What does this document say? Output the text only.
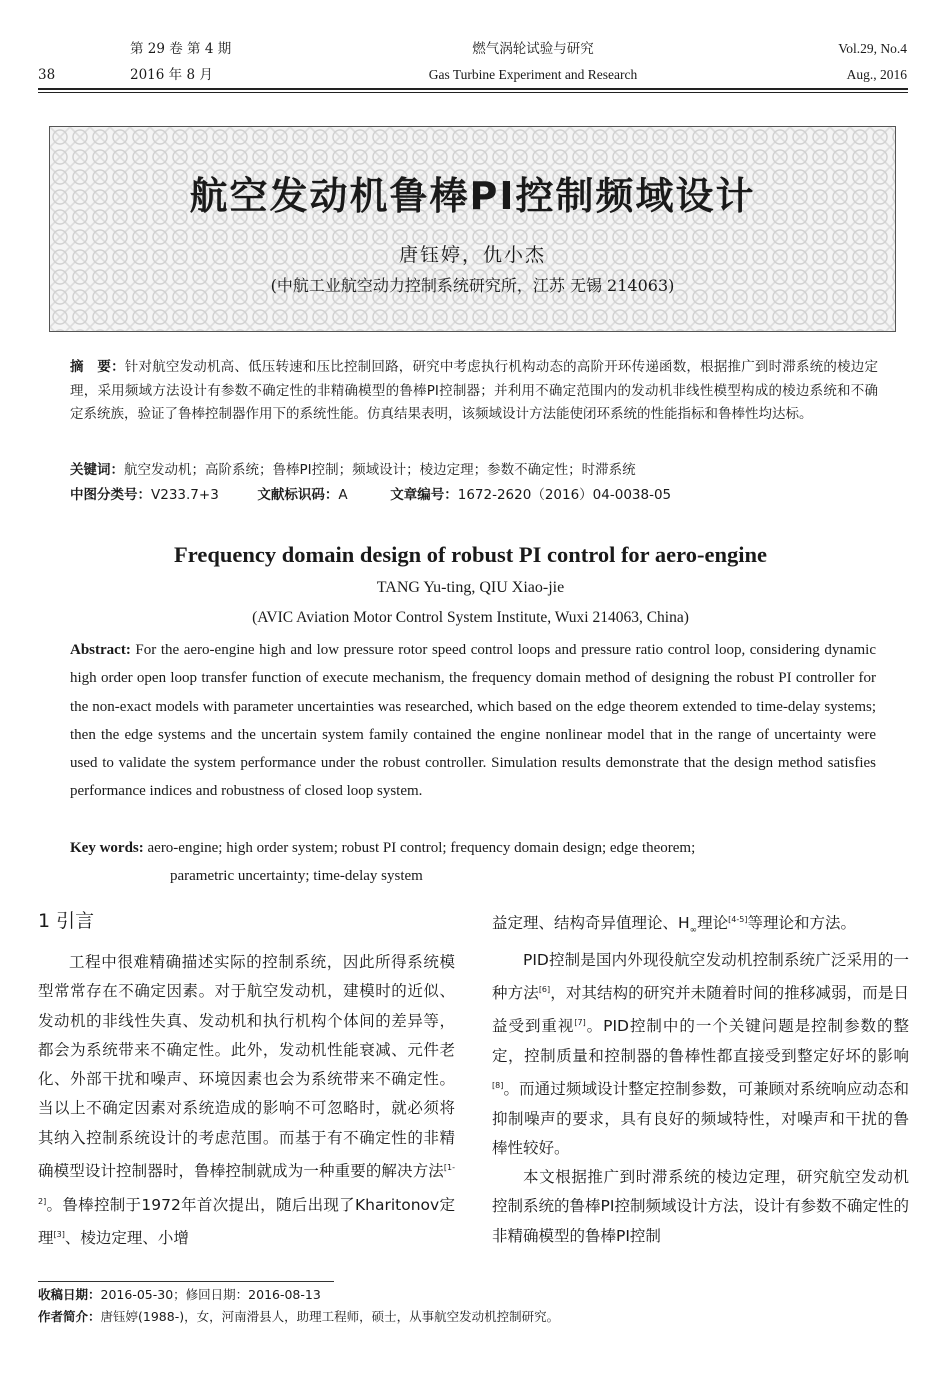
38
第 29 卷 第 4 期
2016 年 8 月
燃气涡轮试验与研究
Gas Turbine Experiment and Research
Vol.29, No.4
Aug., 2016
航空发动机鲁棒PI控制频域设计
唐钰婷，仇小杰
(中航工业航空动力控制系统研究所，江苏 无锡 214063)
摘　要：针对航空发动机高、低压转速和压比控制回路，研究中考虑执行机构动态的高阶开环传递函数，根据推广到时滞系统的棱边定理，采用频域方法设计有参数不确定性的非精确模型的鲁棒PI控制器；并利用不确定范围内的发动机非线性模型构成的棱边系统和不确定系统族，验证了鲁棒控制器作用下的系统性能。仿真结果表明，该频域设计方法能使闭环系统的性能指标和鲁棒性均达标。
关键词：航空发动机；高阶系统；鲁棒PI控制；频域设计；棱边定理；参数不确定性；时滞系统
中图分类号：V233.7+3	文献标识码：A	文章编号：1672-2620（2016）04-0038-05
Frequency domain design of robust PI control for aero-engine
TANG Yu-ting, QIU Xiao-jie
(AVIC Aviation Motor Control System Institute, Wuxi 214063, China)
Abstract: For the aero-engine high and low pressure rotor speed control loops and pressure ratio control loop, considering dynamic high order open loop transfer function of execute mechanism, the frequency domain method of designing the robust PI controller for the non-exact models with parameter uncertainties was researched, which based on the edge theorem extended to time-delay systems; then the edge systems and the uncertain system family contained the engine nonlinear model that in the range of uncertainty were used to validate the system performance under the robust controller. Simulation results demonstrate that the design method satisfies performance indices and robustness of closed loop system.
Key words: aero-engine; high order system; robust PI control; frequency domain design; edge theorem;
parametric uncertainty; time-delay system
1 引言

工程中很难精确描述实际的控制系统，因此所得系统模型常常存在不确定因素。对于航空发动机，建模时的近似、发动机的非线性失真、发动机和执行机构个体间的差异等，都会为系统带来不确定性。此外，发动机性能衰减、元件老化、外部干扰和噪声、环境因素也会为系统带来不确定性。当以上不确定因素对系统造成的影响不可忽略时，就必须将其纳入控制系统设计的考虑范围。而基于有不确定性的非精确模型设计控制器时，鲁棒控制就成为一种重要的解决方法[1-2]。鲁棒控制于1972年首次提出，随后出现了Kharitonov定理[3]、棱边定理、小增

益定理、结构奇异值理论、$H_\infty$理论[4-5]等理论和方法。

PID控制是国内外现役航空发动机控制系统广泛采用的一种方法[6]，对其结构的研究并未随着时间的推移减弱，而是日益受到重视[7]。PID控制中的一个关键问题是控制参数的整定，控制质量和控制器的鲁棒性都直接受到整定好坏的影响[8]。而通过频域设计整定控制参数，可兼顾对系统响应动态和抑制噪声的要求，具有良好的频域特性，对噪声和干扰的鲁棒性较好。

本文根据推广到时滞系统的棱边定理，研究航空发动机控制系统的鲁棒PI控制频域设计方法，设计有参数不确定性的非精确模型的鲁棒PI控制

收稿日期：2016-05-30；修回日期：2016-08-13
作者简介：唐钰婷(1988-)，女，河南滑县人，助理工程师，硕士，从事航空发动机控制研究。
